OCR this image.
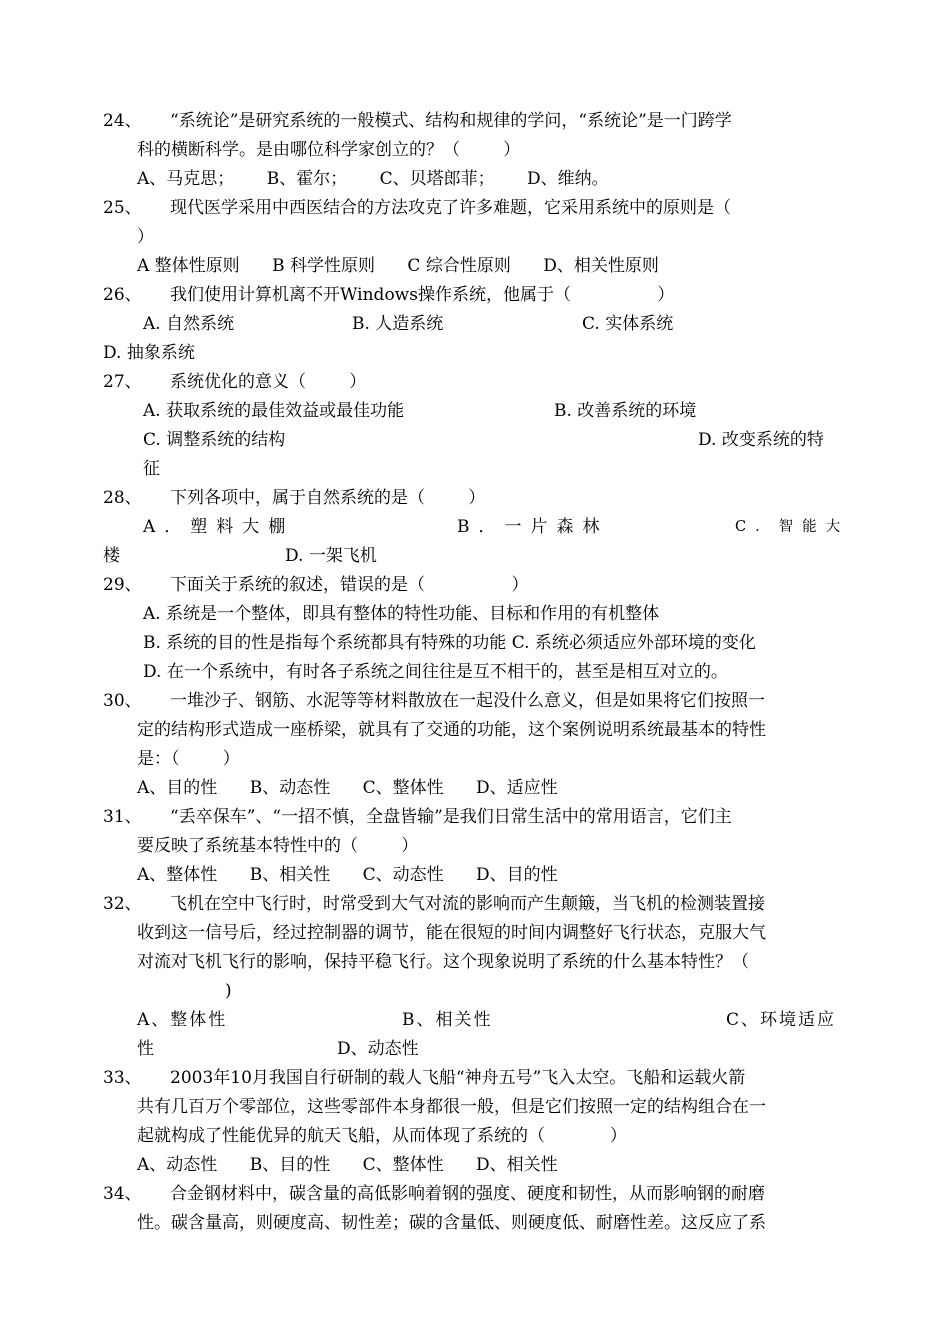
24、 “系统论”是研究系统的一般模式、结构和规律的学问，“系统论”是一门跨学
科的横断科学。是由哪位科学家创立的？（        ）
A、马克思；      B、霍尔；      C、贝塔郎菲；      D、维纳。
25、 现代医学采用中西医结合的方法攻克了许多难题，它采用系统中的原则是（
）
A 整体性原则      B 科学性原则      C 综合性原则      D、相关性原则
26、 我们使用计算机离不开Windows操作系统，他属于（                ）
A. 自然系统	B. 人造系统	C. 实体系统
D. 抽象系统
27、 系统优化的意义（        ）
A. 获取系统的最佳效益或最佳功能	B. 改善系统的环境
C. 调整系统的结构	D. 改变系统的特
征
28、 下列各项中，属于自然系统的是（        ）
A．塑料大棚	B．一片森林	C．智能大
楼	D. 一架飞机
29、 下面关于系统的叙述，错误的是（                ）
A. 系统是一个整体，即具有整体的特性功能、目标和作用的有机整体
B. 系统的目的性是指每个系统都具有特殊的功能 C. 系统必须适应外部环境的变化
D. 在一个系统中，有时各子系统之间往往是互不相干的，甚至是相互对立的。
30、 一堆沙子、钢筋、水泥等等材料散放在一起没什么意义，但是如果将它们按照一
定的结构形式造成一座桥梁，就具有了交通的功能，这个案例说明系统最基本的特性
是：（        ）
A、目的性      B、动态性      C、整体性      D、适应性
31、 “丢卒保车”、“一招不慎，全盘皆输”是我们日常生活中的常用语言，它们主
要反映了系统基本特性中的（        ）
A、整体性      B、相关性      C、动态性      D、目的性
32、 飞机在空中飞行时，时常受到大气对流的影响而产生颠簸，当飞机的检测装置接
收到这一信号后，经过控制器的调节，能在很短的时间内调整好飞行状态，克服大气
对流对飞机飞行的影响，保持平稳飞行。这个现象说明了系统的什么基本特性？（
)
A、整体性	B、相关性	C、环境适应
性	D、动态性
33、 2003年10月我国自行研制的载人飞船“神舟五号”飞入太空。飞船和运载火箭
共有几百万个零部位，这些零部件本身都很一般，但是它们按照一定的结构组合在一
起就构成了性能优异的航天飞船，从而体现了系统的（            ）
A、动态性      B、目的性      C、整体性      D、相关性
34、 合金钢材料中，碳含量的高低影响着钢的强度、硬度和韧性，从而影响钢的耐磨
性。碳含量高，则硬度高、韧性差；碳的含量低、则硬度低、耐磨性差。这反应了系
